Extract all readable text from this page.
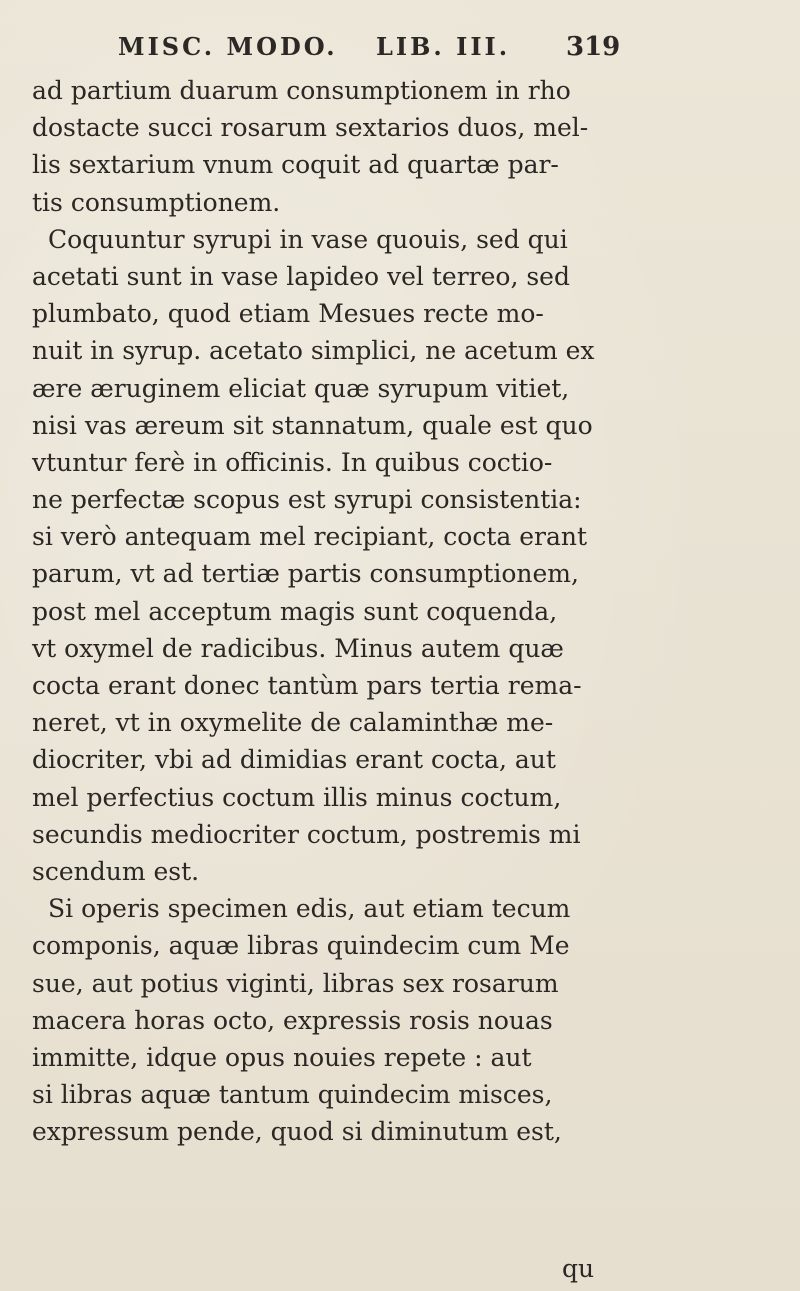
MISC. MODO. LIB. III. 319
ad partium duarum consumptionem in rho
dostacte succi rosarum sextarios duos, mel-
lis sextarium vnum coquit ad quartæ par-
tis consumptionem.
Coquuntur syrupi in vase quouis, sed qui
acetati sunt in vase lapideo vel terreo, sed
plumbato, quod etiam Mesues recte mo-
nuit in syrup. acetato simplici, ne acetum ex
ære æruginem eliciat quæ syrupum vitiet,
nisi vas æreum sit stannatum, quale est quo
vtuntur ferè in officinis. In quibus coctio-
ne perfectæ scopus est syrupi consistentia:
si verò antequam mel recipiant, cocta erant
parum, vt ad tertiæ partis consumptionem,
post mel acceptum magis sunt coquenda,
vt oxymel de radicibus. Minus autem quæ
cocta erant donec tantùm pars tertia rema-
neret, vt in oxymelite de calaminthæ me-
diocriter, vbi ad dimidias erant cocta, aut
mel perfectius coctum illis minus coctum,
secundis mediocriter coctum, postremis mi
scendum est.
Si operis specimen edis, aut etiam tecum
componis, aquæ libras quindecim cum Me
sue, aut potius viginti, libras sex rosarum
macera horas octo, expressis rosis nouas
immitte, idque opus nouies repete : aut
si libras aquæ tantum quindecim misces,
expressum pende, quod si diminutum est,
qu
